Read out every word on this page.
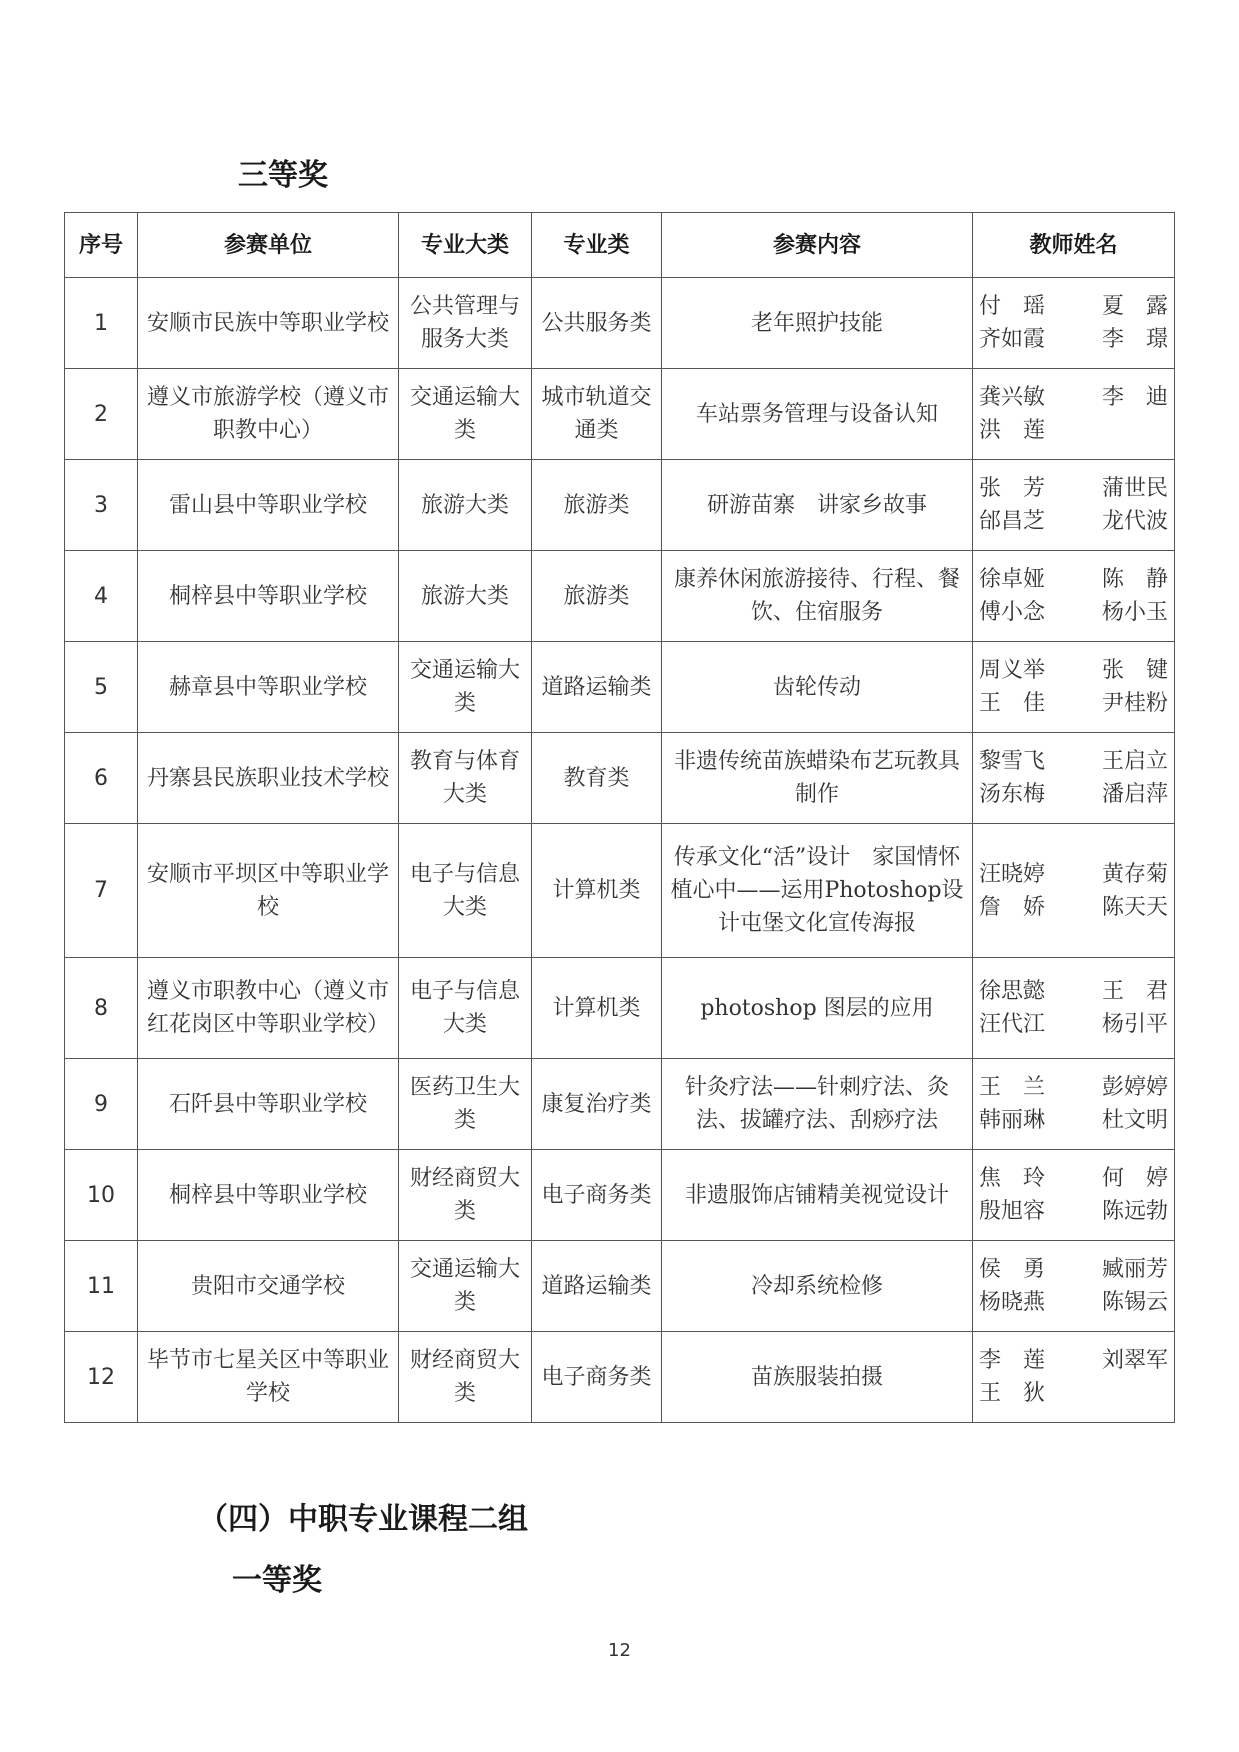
三等奖
序号	参赛单位	专业大类	专业类	参赛内容	教师姓名
1	安顺市民族中等职业学校	公共管理与服务大类	公共服务类	老年照护技能	付　瑶 夏　露
齐如霞 李　璟

2	遵义市旅游学校（遵义市职教中心）	交通运输大类	城市轨道交通类	车站票务管理与设备认知	龚兴敏 李　迪
洪　莲

3	雷山县中等职业学校	旅游大类	旅游类	研游苗寨　讲家乡故事	张　芳 蒲世民
邰昌芝 龙代波

4	桐梓县中等职业学校	旅游大类	旅游类	康养休闲旅游接待、行程、餐饮、住宿服务	徐卓娅 陈　静
傅小念 杨小玉

5	赫章县中等职业学校	交通运输大类	道路运输类	齿轮传动	周义举 张　键
王　佳 尹桂粉

6	丹寨县民族职业技术学校	教育与体育大类	教育类	非遗传统苗族蜡染布艺玩教具制作	黎雪飞 王启立
汤东梅 潘启萍

7	安顺市平坝区中等职业学校	电子与信息大类	计算机类	传承文化“活”设计　家国情怀植心中——运用Photoshop设计屯堡文化宣传海报	汪晓婷 黄存菊
詹　娇 陈天天

8	遵义市职教中心（遵义市红花岗区中等职业学校）	电子与信息大类	计算机类	photoshop 图层的应用	徐思懿 王　君
汪代江 杨引平

9	石阡县中等职业学校	医药卫生大类	康复治疗类	针灸疗法——针刺疗法、灸法、拔罐疗法、刮痧疗法	王　兰 彭婷婷
韩丽琳 杜文明

10	桐梓县中等职业学校	财经商贸大类	电子商务类	非遗服饰店铺精美视觉设计	焦　玲 何　婷
殷旭容 陈远勃

11	贵阳市交通学校	交通运输大类	道路运输类	冷却系统检修	侯　勇 臧丽芳
杨晓燕 陈锡云

12	毕节市七星关区中等职业学校	财经商贸大类	电子商务类	苗族服装拍摄	李　莲 刘翠军
王　狄
（四）中职专业课程二组
一等奖
12
